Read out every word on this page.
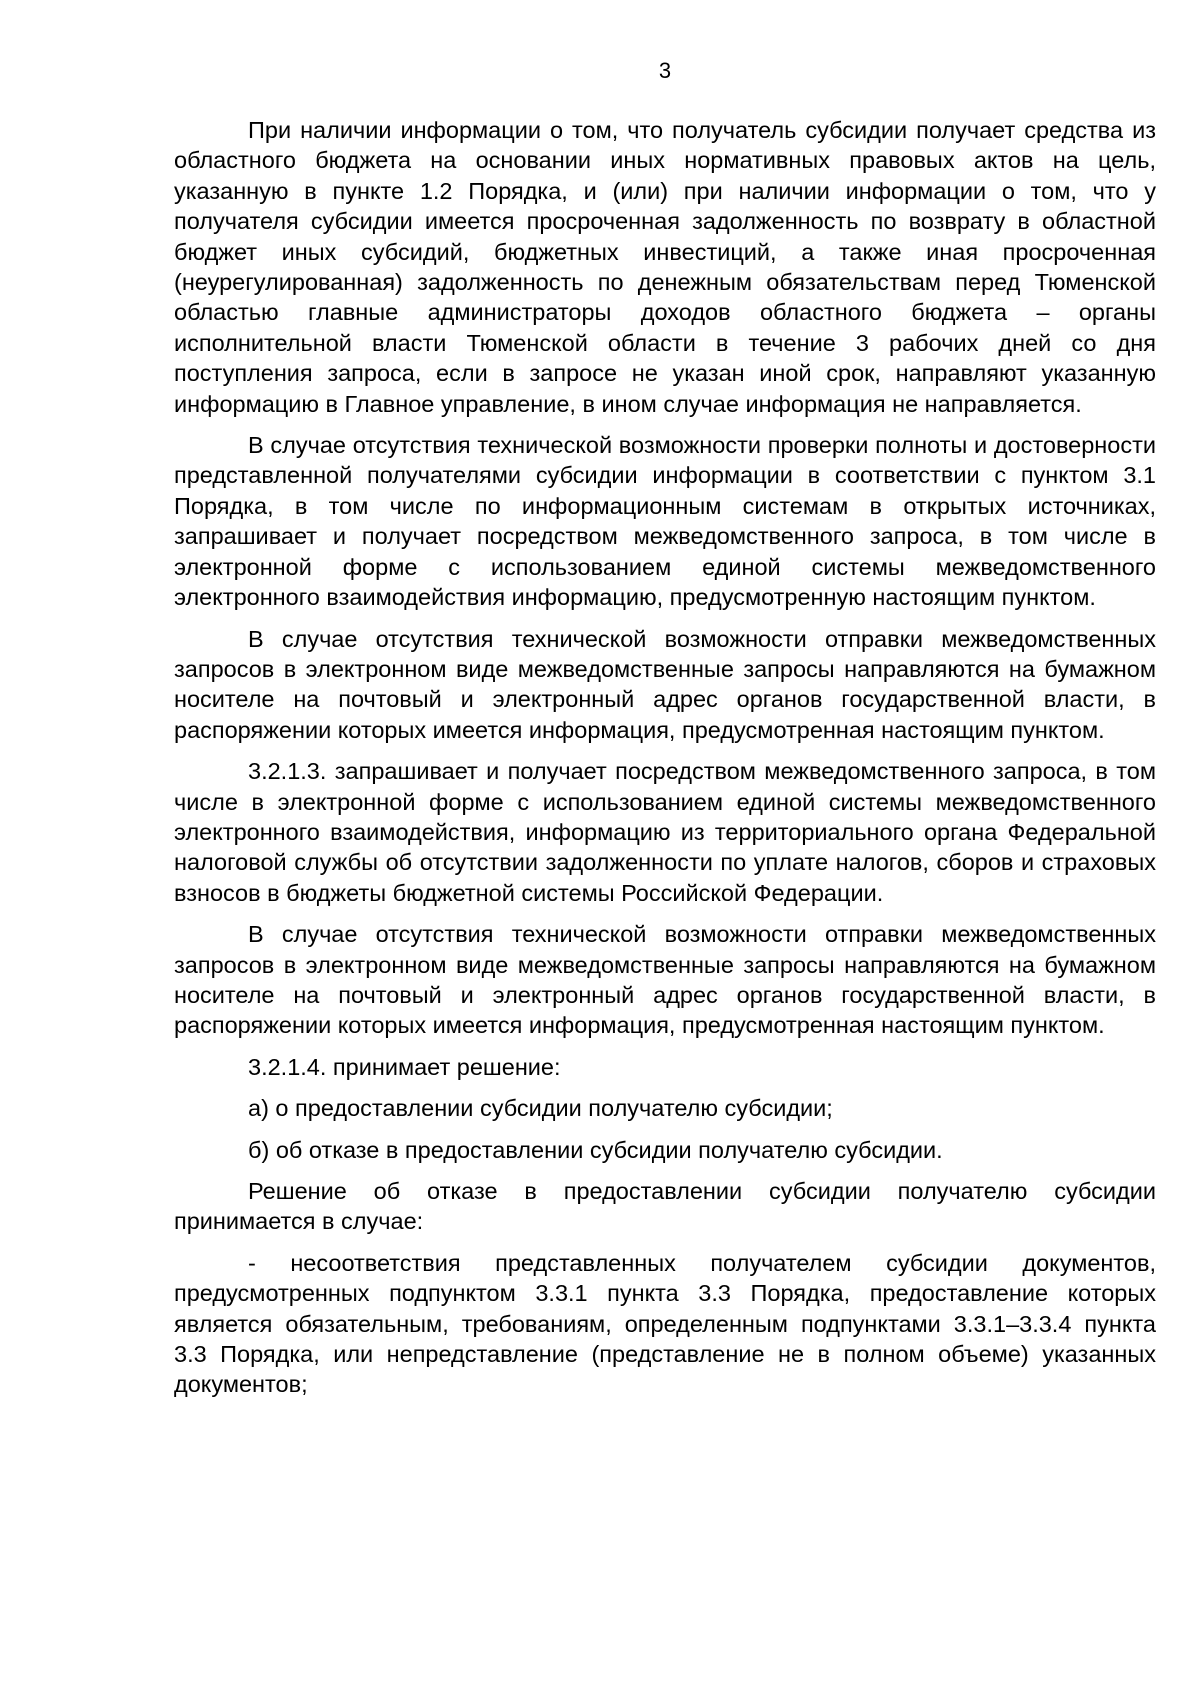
3

При наличии информации о том, что получатель субсидии получает средства из областного бюджета на основании иных нормативных правовых актов на цель, указанную в пункте 1.2 Порядка, и (или) при наличии информации о том, что у получателя субсидии имеется просроченная задолженность по возврату в областной бюджет иных субсидий, бюджетных инвестиций, а также иная просроченная (неурегулированная) задолженность по денежным обязательствам перед Тюменской областью главные администраторы доходов областного бюджета – органы исполнительной власти Тюменской области в течение 3 рабочих дней со дня поступления запроса, если в запросе не указан иной срок, направляют указанную информацию в Главное управление, в ином случае информация не направляется.

В случае отсутствия технической возможности проверки полноты и достоверности представленной получателями субсидии информации в соответствии с пунктом 3.1 Порядка, в том числе по информационным системам в открытых источниках, запрашивает и получает посредством межведомственного запроса, в том числе в электронной форме с использованием единой системы межведомственного электронного взаимодействия информацию, предусмотренную настоящим пунктом.

В случае отсутствия технической возможности отправки межведомственных запросов в электронном виде межведомственные запросы направляются на бумажном носителе на почтовый и электронный адрес органов государственной власти, в распоряжении которых имеется информация, предусмотренная настоящим пунктом.

3.2.1.3. запрашивает и получает посредством межведомственного запроса, в том числе в электронной форме с использованием единой системы межведомственного электронного взаимодействия, информацию из территориального органа Федеральной налоговой службы об отсутствии задолженности по уплате налогов, сборов и страховых взносов в бюджеты бюджетной системы Российской Федерации.

В случае отсутствия технической возможности отправки межведомственных запросов в электронном виде межведомственные запросы направляются на бумажном носителе на почтовый и электронный адрес органов государственной власти, в распоряжении которых имеется информация, предусмотренная настоящим пунктом.

3.2.1.4. принимает решение:

а) о предоставлении субсидии получателю субсидии;

б) об отказе в предоставлении субсидии получателю субсидии.

Решение об отказе в предоставлении субсидии получателю субсидии принимается в случае:

- несоответствия представленных получателем субсидии документов, предусмотренных подпунктом 3.3.1 пункта 3.3 Порядка, предоставление которых является обязательным, требованиям, определенным подпунктами 3.3.1–3.3.4 пункта 3.3 Порядка, или непредставление (представление не в полном объеме) указанных документов;
